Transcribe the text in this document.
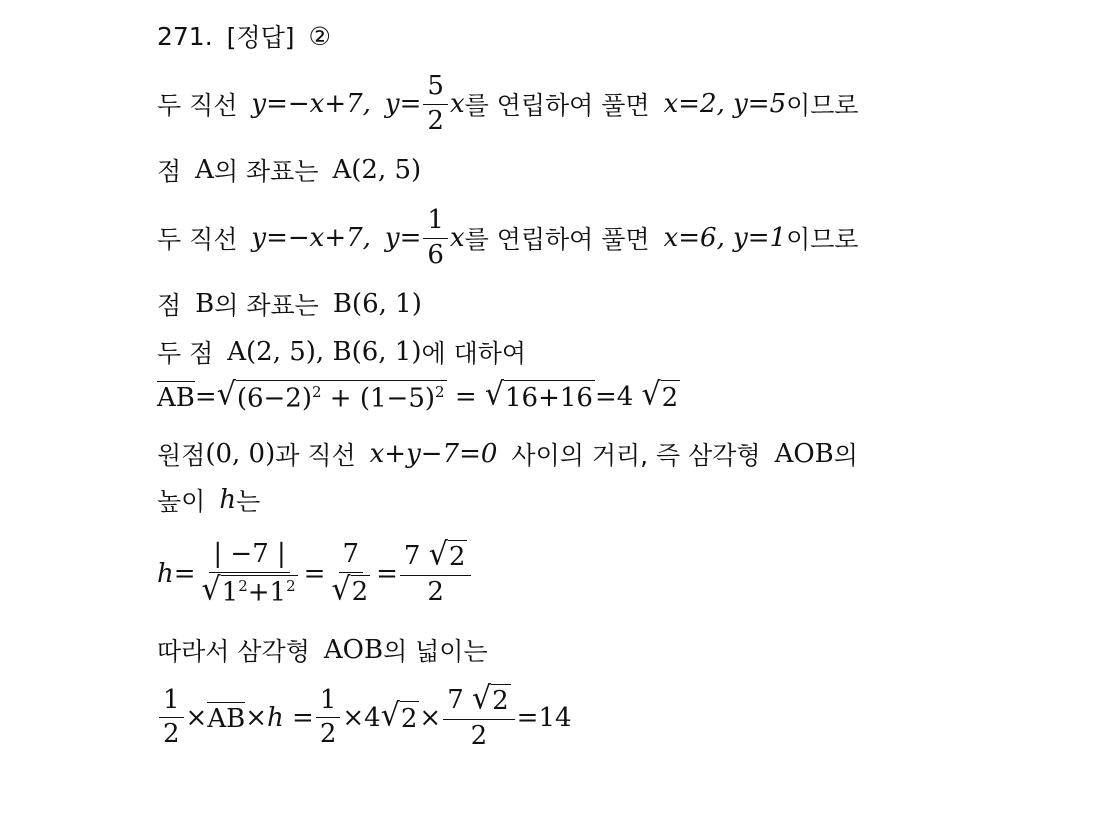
271. [정답] ②
두 직선 y=−x+7, $y= \frac{5}{2}$ x 를 연립하여 풀면 x=2, y=5 이므로
점 A 의 좌표는 A(2, 5)
두 직선 y=−x+7, $y= \frac{1}{6}$ x 를 연립하여 풀면 x=6, y=1 이므로
점 B 의 좌표는 B(6, 1)
두 점 A(2, 5), B(6, 1) 에 대하여
AB = √ $(6-2)^2 + (1-5)^2$
=
√ 16+16 =4
√ 2
원점 (0, 0) 과 직선 x+y−7=0 사이의 거리, 즉 삼각형 AOB 의
높이 h 는
$h = \frac{| -7 |}{√ 1^2+1^2} = \frac{7}{√ 2} = \frac{7 √ 2}{2}$
따라서 삼각형 AOB 의 넓이는
$\frac{1}{2}$ × AB × h
= $\frac{1}{2} \times 4$ √ $2 \times \frac{7 √ 2}{2} =14$
